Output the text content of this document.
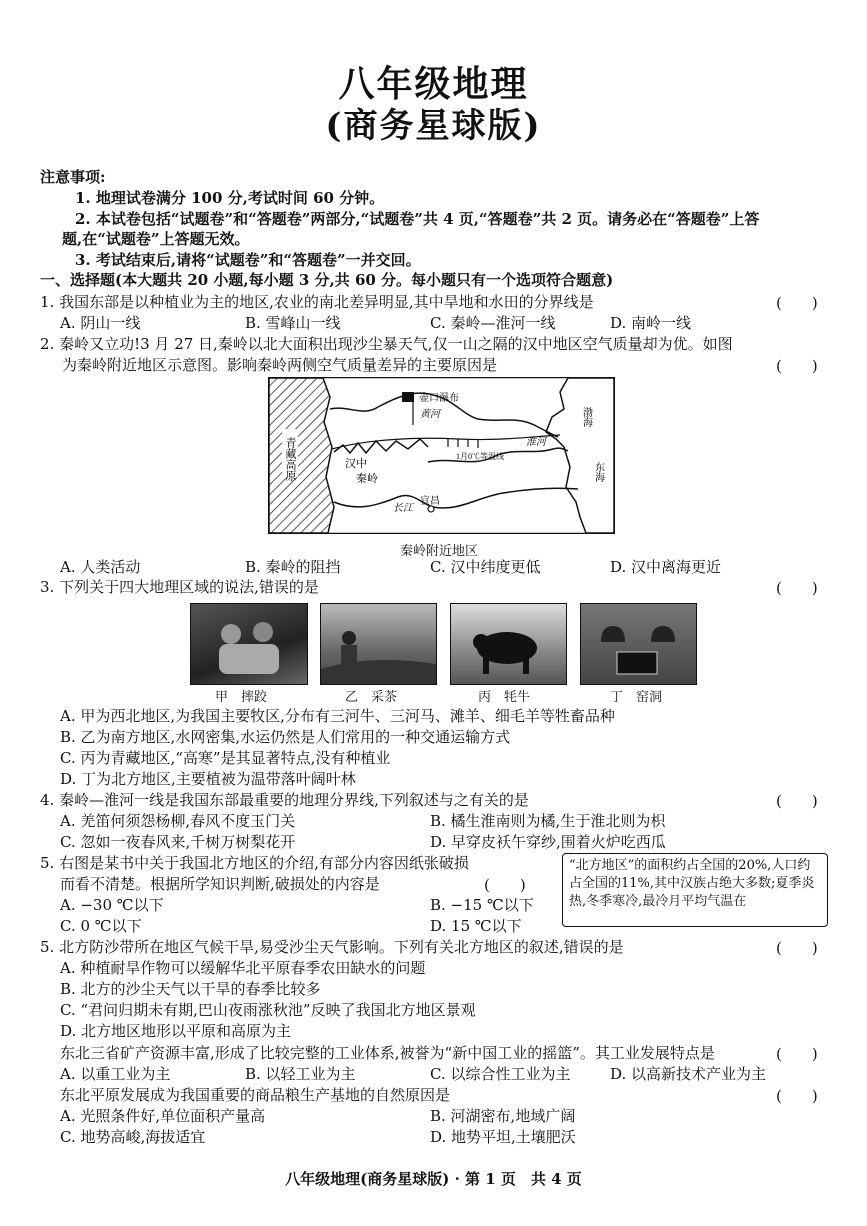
八年级地理
(商务星球版)
注意事项:
1. 地理试卷满分 100 分,考试时间 60 分钟。
2. 本试卷包括“试题卷”和“答题卷”两部分,“试题卷”共 4 页,“答题卷”共 2 页。请务必在“答题卷”上答
题,在“试题卷”上答题无效。
3. 考试结束后,请将“试题卷”和“答题卷”一并交回。
一、选择题(本大题共 20 小题,每小题 3 分,共 60 分。每小题只有一个选项符合题意)
1. 我国东部是以种植业为主的地区,农业的南北差异明显,其中旱地和水田的分界线是	(　　)
A. 阴山一线	B. 雪峰山一线	C. 秦岭—淮河一线	D. 南岭一线
2. 秦岭又立功!3 月 27 日,秦岭以北大面积出现沙尘暴天气,仅一山之隔的汉中地区空气质量却为优。如图
为秦岭附近地区示意图。影响秦岭两侧空气质量差异的主要原因是	(　　)
青藏高原
壶口瀑布
黄河
汉中
秦岭
1月0℃等温线
淮河
渤海
东海
宜昌
长江
秦岭附近地区
A. 人类活动	B. 秦岭的阻挡	C. 汉中纬度更低	D. 汉中离海更近
3. 下列关于四大地理区域的说法,错误的是	(　　)
甲　摔跤	乙　采茶	丙　牦牛	丁　窑洞
A. 甲为西北地区,为我国主要牧区,分布有三河牛、三河马、滩羊、细毛羊等牲畜品种
B. 乙为南方地区,水网密集,水运仍然是人们常用的一种交通运输方式
C. 丙为青藏地区,“高寒”是其显著特点,没有种植业
D. 丁为北方地区,主要植被为温带落叶阔叶林
4. 秦岭—淮河一线是我国东部最重要的地理分界线,下列叙述与之有关的是	(　　)
A. 羌笛何须怨杨柳,春风不度玉门关	B. 橘生淮南则为橘,生于淮北则为枳
C. 忽如一夜春风来,千树万树梨花开	D. 早穿皮袄午穿纱,围着火炉吃西瓜
5. 右图是某书中关于我国北方地区的介绍,有部分内容因纸张破损
而看不清楚。根据所学知识判断,破损处的内容是	(　　)
“北方地区”的面积约占全国的20%,人口约占全国的11%,其中汉族占绝大多数;夏季炎热,冬季寒冷,最冷月平均气温在
A. −30 ℃以下	B. −15 ℃以下
C. 0 ℃以下	D. 15 ℃以下
5. 北方防沙带所在地区气候干旱,易受沙尘天气影响。下列有关北方地区的叙述,错误的是	(　　)
A. 种植耐旱作物可以缓解华北平原春季农田缺水的问题
B. 北方的沙尘天气以干旱的春季比较多
C. “君问归期未有期,巴山夜雨涨秋池”反映了我国北方地区景观
D. 北方地区地形以平原和高原为主
东北三省矿产资源丰富,形成了比较完整的工业体系,被誉为“新中国工业的摇篮”。其工业发展特点是	(　　)
A. 以重工业为主	B. 以轻工业为主	C. 以综合性工业为主	D. 以高新技术产业为主
东北平原发展成为我国重要的商品粮生产基地的自然原因是	(　　)
A. 光照条件好,单位面积产量高	B. 河湖密布,地域广阔
C. 地势高峻,海拔适宜	D. 地势平坦,土壤肥沃
八年级地理(商务星球版) · 第 1 页　共 4 页
